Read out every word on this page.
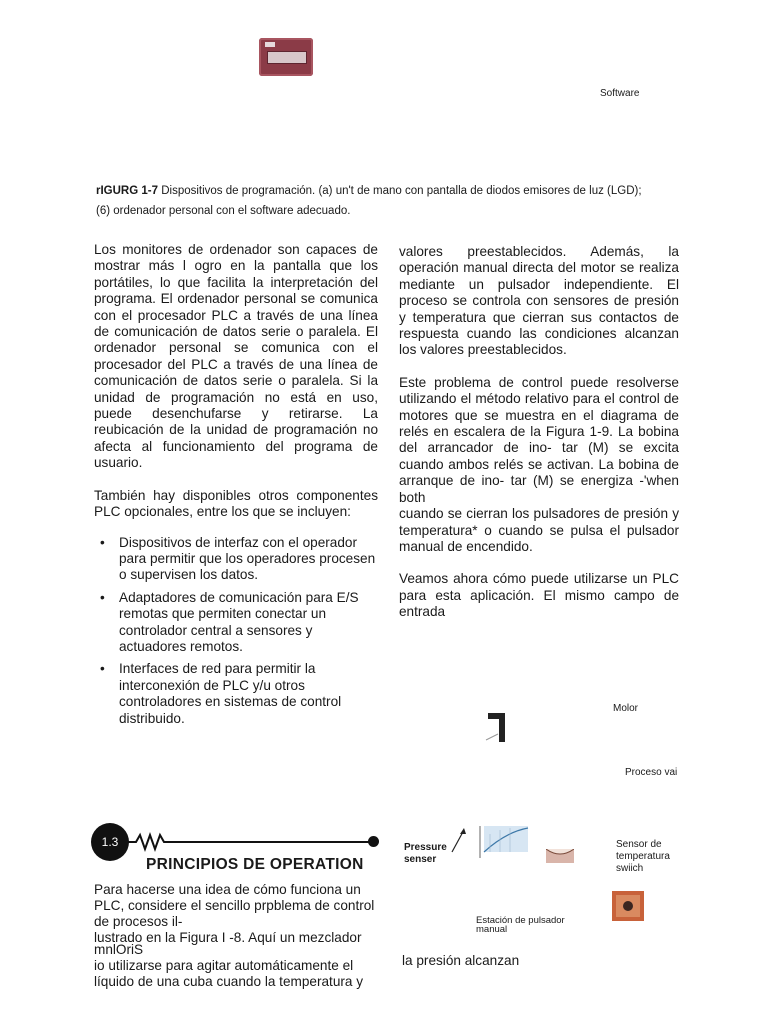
Software
rIGURG 1-7 Dispositivos de programación. (a) un't de mano con pantalla de diodos emisores de luz (LGD);
(6) ordenador personal con el software adecuado.

Los monitores de ordenador son capaces de mostrar más l ogro en la pantalla que los portátiles, lo que facilita la interpretación del programa. El ordenador personal se comunica con el procesador PLC a través de una línea de comunicación de datos serie o paralela. El ordenador personal se comunica con el procesador del PLC a través de una línea de comunicación de datos serie o paralela. Si la unidad de programación no está en uso, puede desenchufarse y retirarse. La reubicación de la unidad de programación no afecta al funcionamiento del programa de usuario.

También hay disponibles otros componentes PLC opcionales, entre los que se incluyen:

• Dispositivos de interfaz con el operador para permitir que los operadores procesen o supervisen los datos.
• Adaptadores de comunicación para E/S remotas que permiten conectar un controlador central a sensores y actuadores remotos.
• Interfaces de red para permitir la interconexión de PLC y/u otros controladores en sistemas de control distribuido.

valores preestablecidos. Además, la operación manual directa del motor se realiza mediante un pulsador independiente. El proceso se controla con sensores de presión y temperatura que cierran sus contactos de respuesta cuando las condiciones alcanzan los valores preestablecidos.

Este problema de control puede resolverse utilizando el método relativo para el control de motores que se muestra en el diagrama de relés en escalera de la Figura 1-9. La bobina del arrancador de ino- tar (M) se excita cuando ambos relés se activan. La bobina de arranque de ino- tar (M) se energiza -'when both

cuando se cierran los pulsadores de presión y temperatura* o cuando se pulsa el pulsador manual de encendido.

Veamos ahora cómo puede utilizarse un PLC para esta aplicación. El mismo campo de entrada

Molor
Proceso vai
Pressure
senser
Sensor de
temperatura
swiich
Estación de pulsador
manual
la presión alcanzan
1.3
PRINCIPIOS DE OPERATION
Para hacerse una idea de cómo funciona un PLC, considere el sencillo prpblema de control de procesos il-
lustrado en la Figura I -8. Aquí un mezclador
mnlOriS
io utilizarse para agitar automáticamente el líquido de una cuba cuando la temperatura y
